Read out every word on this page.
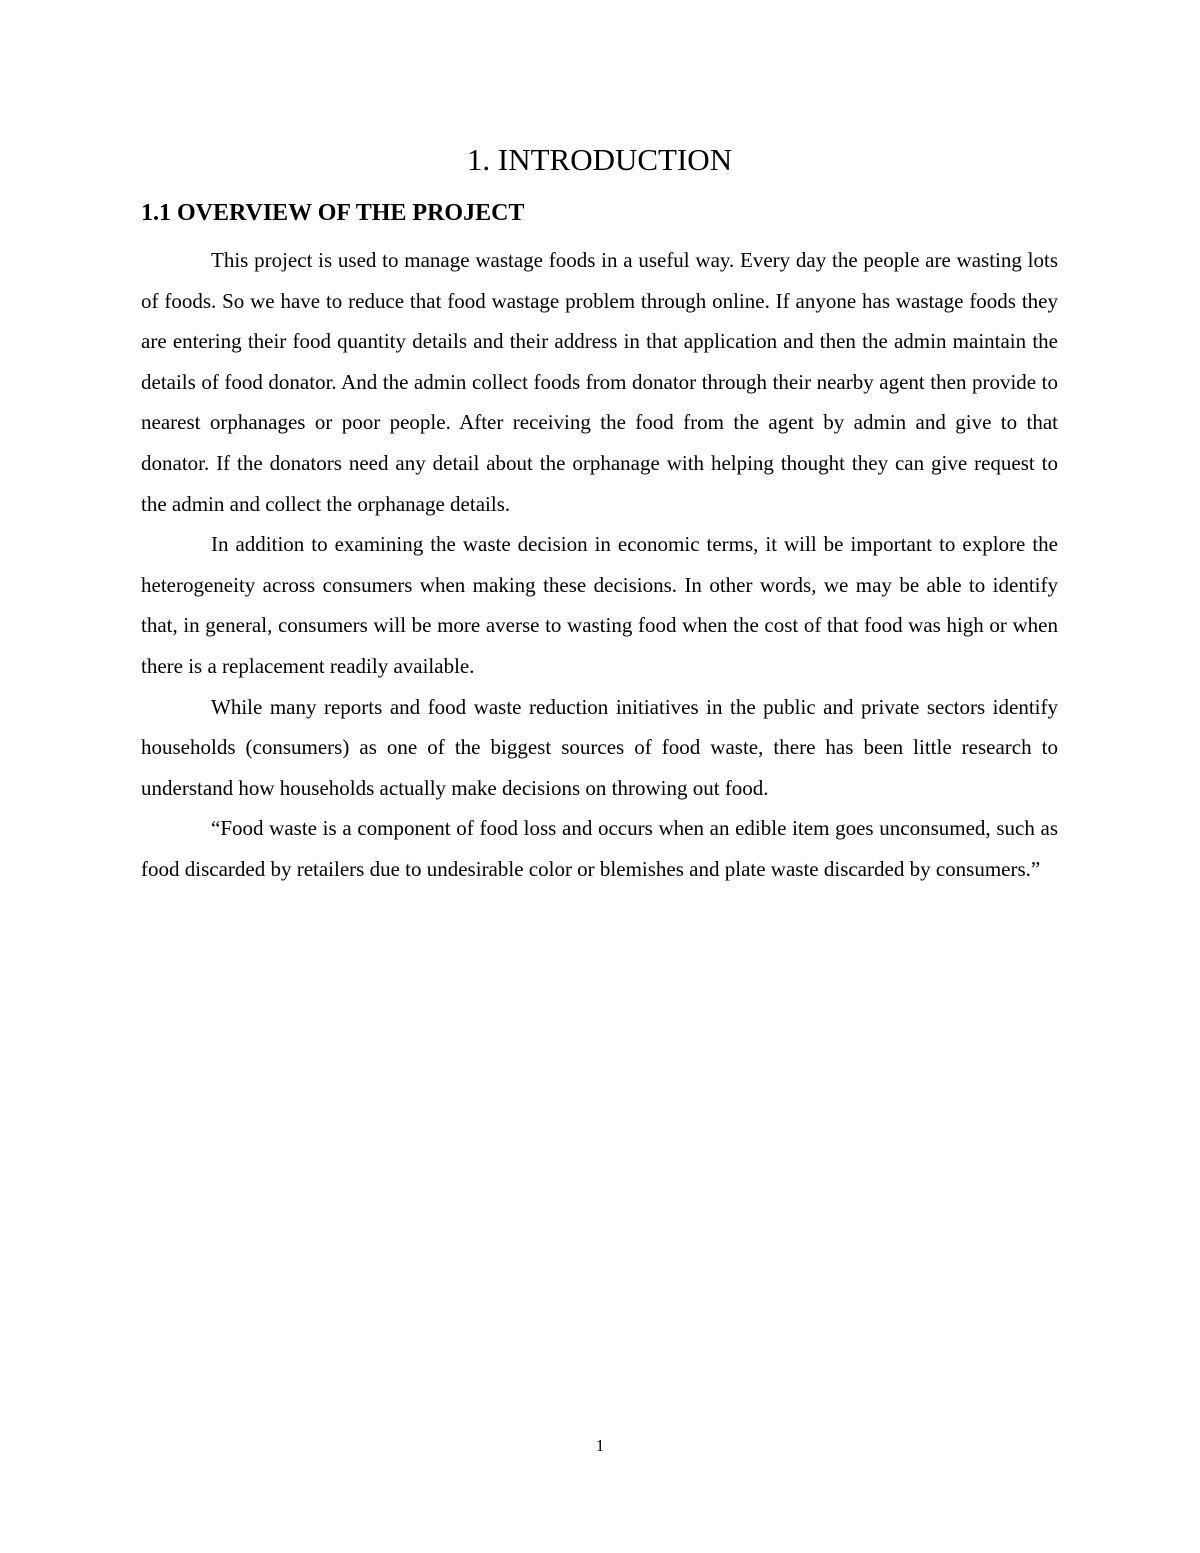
1. INTRODUCTION
1.1 OVERVIEW OF THE PROJECT

This project is used to manage wastage foods in a useful way. Every day the people are wasting lots of foods. So we have to reduce that food wastage problem through online. If anyone has wastage foods they are entering their food quantity details and their address in that application and then the admin maintain the details of food donator. And the admin collect foods from donator through their nearby agent then provide to nearest orphanages or poor people. After receiving the food from the agent by admin and give to that donator. If the donators need any detail about the orphanage with helping thought they can give request to the admin and collect the orphanage details.

In addition to examining the waste decision in economic terms, it will be important to explore the heterogeneity across consumers when making these decisions. In other words, we may be able to identify that, in general, consumers will be more averse to wasting food when the cost of that food was high or when there is a replacement readily available.

While many reports and food waste reduction initiatives in the public and private sectors identify households (consumers) as one of the biggest sources of food waste, there has been little research to understand how households actually make decisions on throwing out food.

“Food waste is a component of food loss and occurs when an edible item goes unconsumed, such as food discarded by retailers due to undesirable color or blemishes and plate waste discarded by consumers.”

1
